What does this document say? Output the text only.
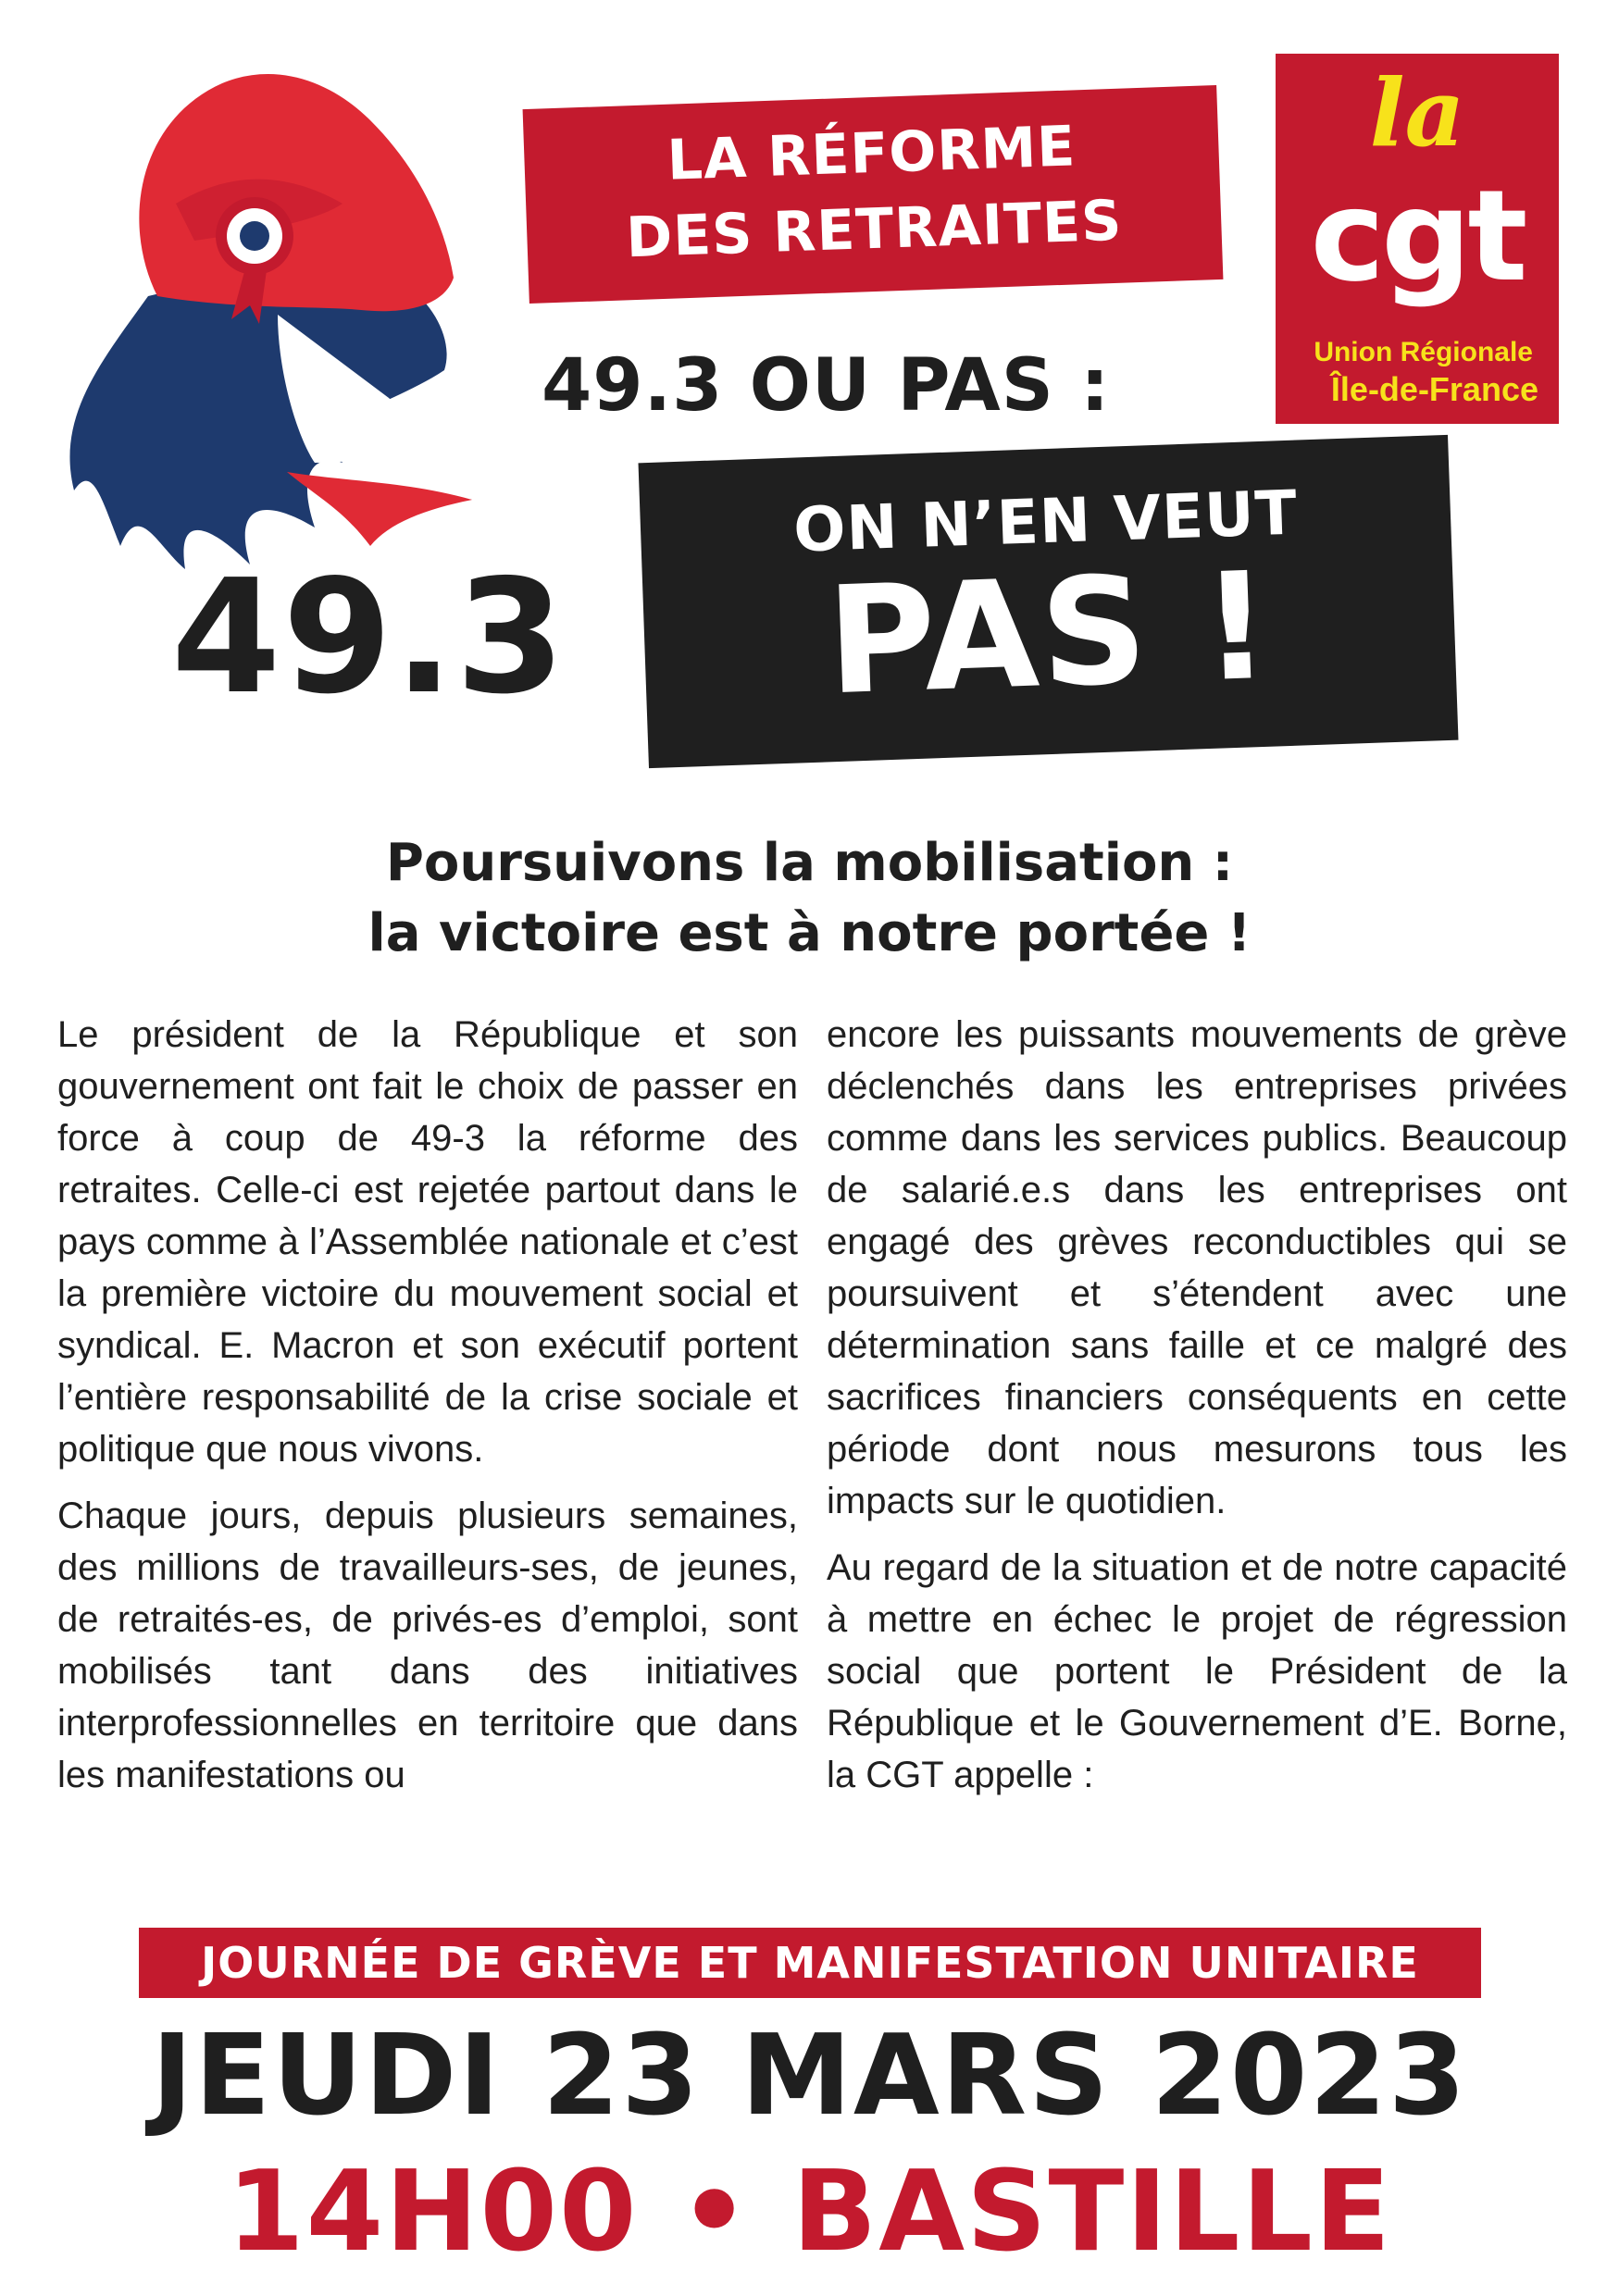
LA RÉFORME
DES RETRAITES
la
cgt
Union Régionale
Île-de-France
49.3 OU PAS :
ON N’EN VEUT
PAS !
49.3
Poursuivons la mobilisation :
la victoire est à notre portée !

Le président de la République et son gouvernement ont fait le choix de passer en force à coup de 49-3 la réforme des retraites. Celle-ci est rejetée partout dans le pays comme à l’Assemblée nationale et c’est la première victoire du mouvement social et syndical. E. Macron et son exécutif portent l’entière responsabilité de la crise sociale et politique que nous vivons.

Chaque jours, depuis plusieurs semaines, des millions de travailleurs-ses, de jeunes, de retraités-es, de privés-es d’emploi, sont mobilisés tant dans des initiatives interprofessionnelles en territoire que dans les manifestations ou

encore les puissants mouvements de grève déclenchés dans les entreprises privées comme dans les services publics. Beaucoup de salarié.e.s dans les entreprises ont engagé des grèves reconductibles qui se poursuivent et s’étendent avec une détermination sans faille et ce malgré des sacrifices financiers conséquents en cette période dont nous mesurons tous les impacts sur le quotidien.

Au regard de la situation et de notre capacité à mettre en échec le projet de régression social que portent le Président de la République et le Gouvernement d’E. Borne, la CGT appelle :

JOURNÉE DE GRÈVE ET MANIFESTATION UNITAIRE
JEUDI 23 MARS 2023
14H00 • BASTILLE
